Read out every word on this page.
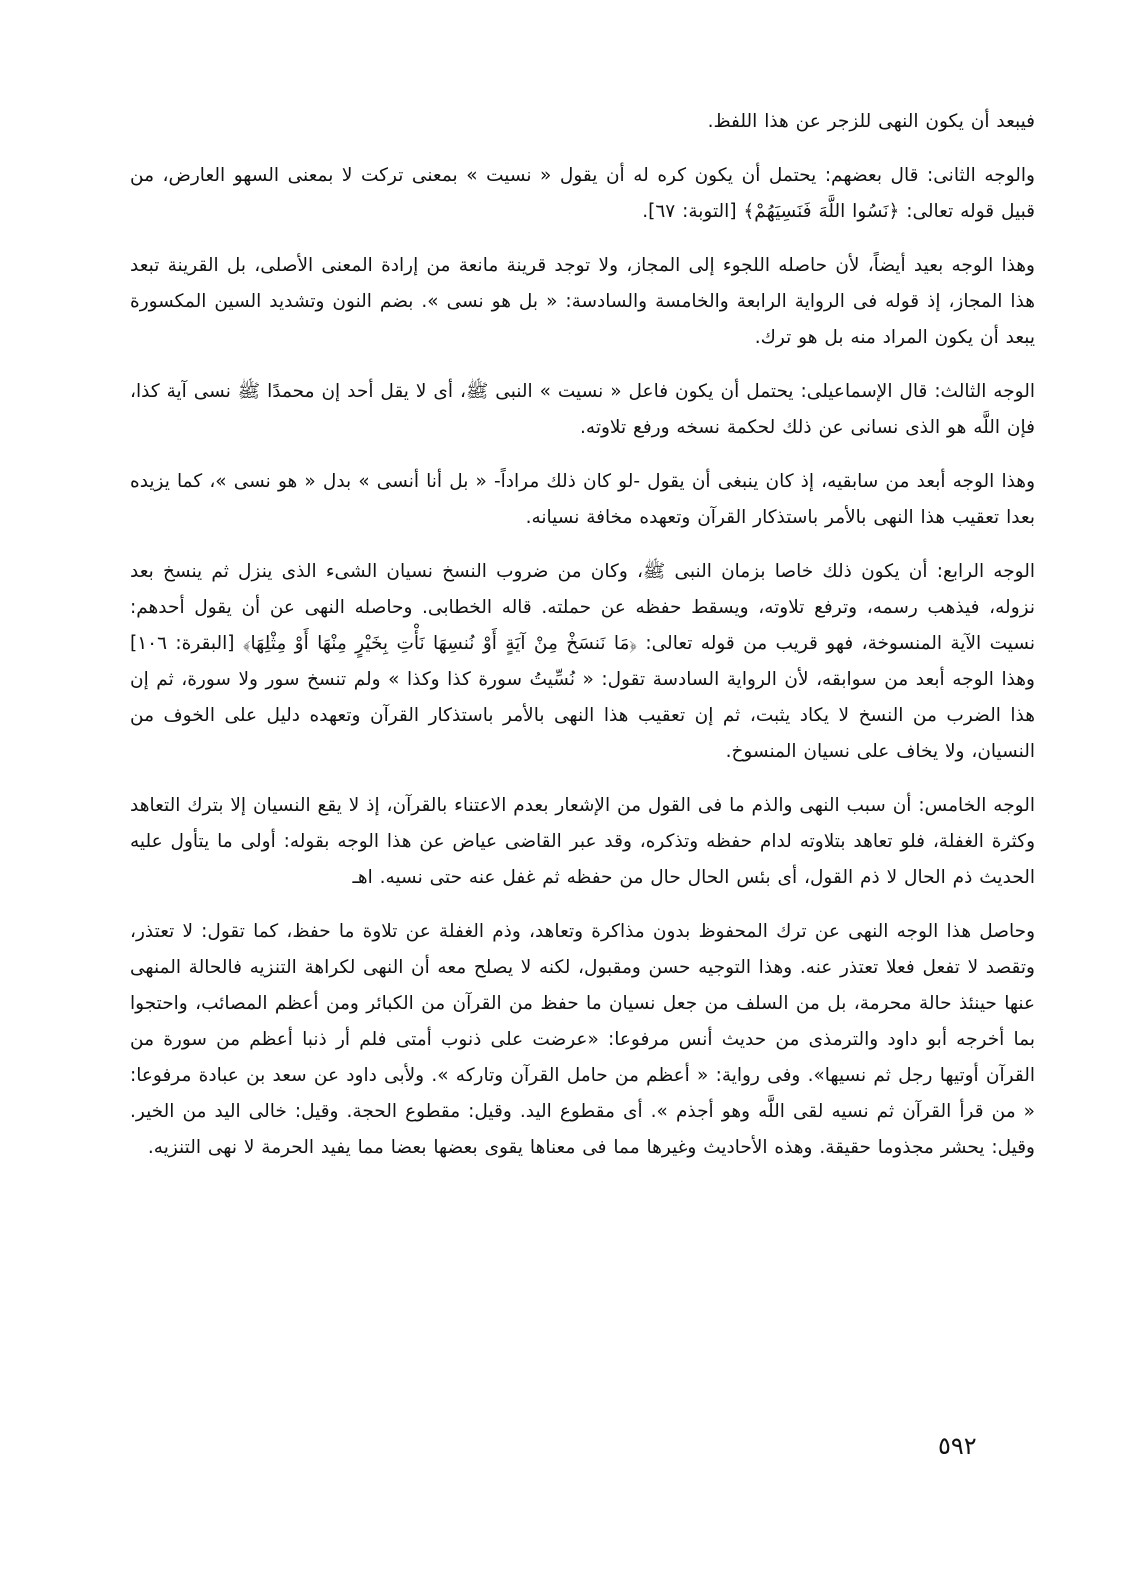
فيبعد أن يكون النهى للزجر عن هذا اللفظ.

والوجه الثانى: قال بعضهم: يحتمل أن يكون كره له أن يقول « نسيت » بمعنى تركت لا بمعنى السهو العارض، من قبيل قوله تعالى: ﴿نَسُوا اللَّهَ فَنَسِيَهُمْ﴾ [التوبة: ٦٧].

وهذا الوجه بعيد أيضاً، لأن حاصله اللجوء إلى المجاز، ولا توجد قرينة مانعة من إرادة المعنى الأصلى، بل القرينة تبعد هذا المجاز، إذ قوله فى الرواية الرابعة والخامسة والسادسة: « بل هو نسى ». بضم النون وتشديد السين المكسورة يبعد أن يكون المراد منه بل هو ترك.

الوجه الثالث: قال الإسماعيلى: يحتمل أن يكون فاعل « نسيت » النبى ﷺ، أى لا يقل أحد إن محمدًا ﷺ نسى آية كذا، فإن اللَّه هو الذى نسانى عن ذلك لحكمة نسخه ورفع تلاوته.

وهذا الوجه أبعد من سابقيه، إذ كان ينبغى أن يقول -لو كان ذلك مراداً- « بل أنا أنسى » بدل « هو نسى »، كما يزيده بعدا تعقيب هذا النهى بالأمر باستذكار القرآن وتعهده مخافة نسيانه.

الوجه الرابع: أن يكون ذلك خاصا بزمان النبى ﷺ، وكان من ضروب النسخ نسيان الشىء الذى ينزل ثم ينسخ بعد نزوله، فيذهب رسمه، وترفع تلاوته، ويسقط حفظه عن حملته. قاله الخطابى. وحاصله النهى عن أن يقول أحدهم: نسيت الآية المنسوخة، فهو قريب من قوله تعالى: ﴿مَا نَنسَخْ مِنْ آيَةٍ أَوْ نُنسِهَا نَأْتِ بِخَيْرٍ مِنْهَا أَوْ مِثْلِهَا﴾ [البقرة: ١٠٦] وهذا الوجه أبعد من سوابقه، لأن الرواية السادسة تقول: « نُسِّيتُ سورة كذا وكذا » ولم تنسخ سور ولا سورة، ثم إن هذا الضرب من النسخ لا يكاد يثبت، ثم إن تعقيب هذا النهى بالأمر باستذكار القرآن وتعهده دليل على الخوف من النسيان، ولا يخاف على نسيان المنسوخ.

الوجه الخامس: أن سبب النهى والذم ما فى القول من الإشعار بعدم الاعتناء بالقرآن، إذ لا يقع النسيان إلا بترك التعاهد وكثرة الغفلة، فلو تعاهد بتلاوته لدام حفظه وتذكره، وقد عبر القاضى عياض عن هذا الوجه بقوله: أولى ما يتأول عليه الحديث ذم الحال لا ذم القول، أى بئس الحال حال من حفظه ثم غفل عنه حتى نسيه. اهـ

وحاصل هذا الوجه النهى عن ترك المحفوظ بدون مذاكرة وتعاهد، وذم الغفلة عن تلاوة ما حفظ، كما تقول: لا تعتذر، وتقصد لا تفعل فعلا تعتذر عنه. وهذا التوجيه حسن ومقبول، لكنه لا يصلح معه أن النهى لكراهة التنزيه فالحالة المنهى عنها حينئذ حالة محرمة، بل من السلف من جعل نسيان ما حفظ من القرآن من الكبائر ومن أعظم المصائب، واحتجوا بما أخرجه أبو داود والترمذى من حديث أنس مرفوعا: «عرضت على ذنوب أمتى فلم أر ذنبا أعظم من سورة من القرآن أوتيها رجل ثم نسيها». وفى رواية: « أعظم من حامل القرآن وتاركه ». ولأبى داود عن سعد بن عبادة مرفوعا: « من قرأ القرآن ثم نسيه لقى اللَّه وهو أجذم ». أى مقطوع اليد. وقيل: مقطوع الحجة. وقيل: خالى اليد من الخير. وقيل: يحشر مجذوما حقيقة. وهذه الأحاديث وغيرها مما فى معناها يقوى بعضها بعضا مما يفيد الحرمة لا نهى التنزيه.

٥٩٢
